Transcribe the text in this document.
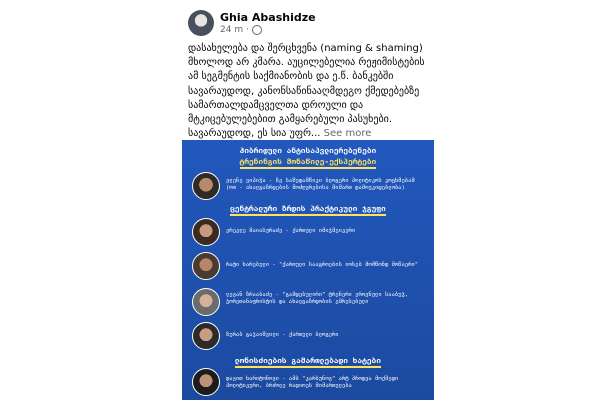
Ghia Abashidze
24 m ·
დასახელება და შერცხვენა (naming & shaming)
მხოლოდ არ კმარა. აუცილებელია რეჟიმისტების
ამ სეგმენტის საქმიანობის და ე.წ. ბანკებში
სავარაუდოდ, კანონსაწინააღმდეგო ქმედებებზე
სამართალდამცველთა დროული და
მტკიცებულებებით გამყარებული პასუხები.
სავარაუდოდ, ეს სია უფრ... See more
ჰიბრიდული ანტისაპვლიერებენები
ტრენინგის მონაწილე-ექსპერტები
ელენე ვიპიჭა - ზე საშედამწიკი ბლოგერი პოლიტიკოს კოცხმებამ (ოთ - ახალგაზრდების მოძღვრებისა მიმართ დამოუკიდებლობა)
ცენტრალური ზრდის პრაქტიკული ჯგუფი
ერეკლე მაიასურაძე - ქართული იმიჯმეიკერი
რატი ხარებული - "ქართული სააგროების იოსებ მომწონდ მოწაერი"
ლევან ზრააბაძე - "გამდებულირი" ტრენერი ეროვნული სააბუჯ, ჯორეთანაფრისტის და ახალგაზრდობის ემრესებული
ზურაბ გაჯაიშვილი - ქართული ბლოგერი
ლონისძიების გამართლებადი ხატები
დავით ხარიტონოვი - ამბ "კარბუნოვ" არტ პროდვა მოქმედი პოლიტიკური, ბრძოლე რადიოეს მიმართულება
